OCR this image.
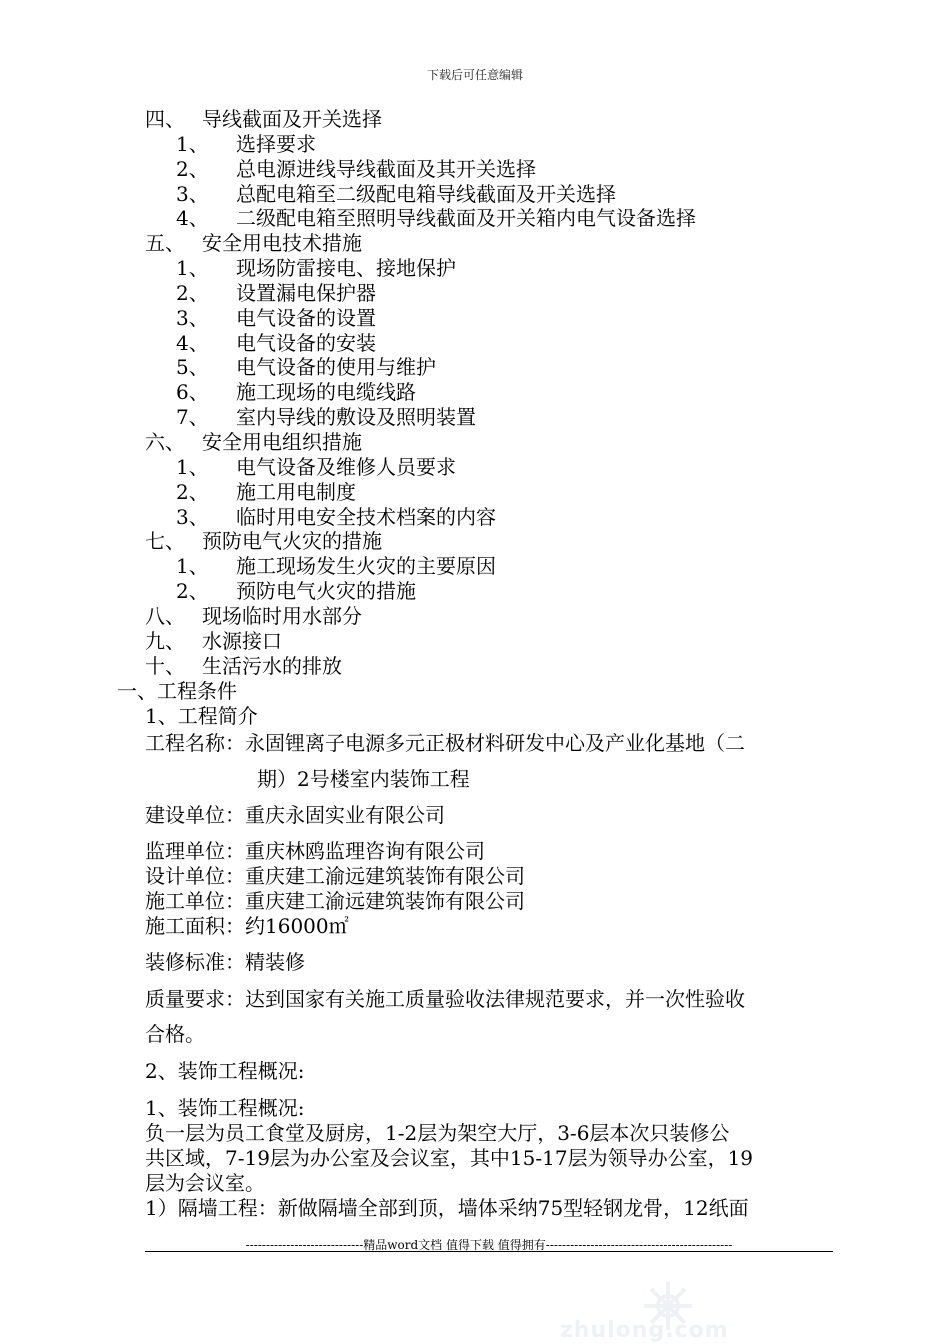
下载后可任意编辑
四、 导线截面及开关选择
1、 选择要求
2、 总电源进线导线截面及其开关选择
3、 总配电箱至二级配电箱导线截面及开关选择
4、 二级配电箱至照明导线截面及开关箱内电气设备选择
五、 安全用电技术措施
1、 现场防雷接电、接地保护
2、 设置漏电保护器
3、 电气设备的设置
4、 电气设备的安装
5、 电气设备的使用与维护
6、 施工现场的电缆线路
7、 室内导线的敷设及照明装置
六、 安全用电组织措施
1、 电气设备及维修人员要求
2、 施工用电制度
3、 临时用电安全技术档案的内容
七、 预防电气火灾的措施
1、 施工现场发生火灾的主要原因
2、 预防电气火灾的措施
八、 现场临时用水部分
九、 水源接口
十、 生活污水的排放
一、工程条件
1、工程简介
工程名称：永固锂离子电源多元正极材料研发中心及产业化基地（二
期）2号楼室内装饰工程
建设单位：重庆永固实业有限公司
监理单位：重庆林鸥监理咨询有限公司
设计单位：重庆建工渝远建筑装饰有限公司
施工单位：重庆建工渝远建筑装饰有限公司
施工面积：约16000㎡
装修标准：精装修
质量要求：达到国家有关施工质量验收法律规范要求，并一次性验收
合格。
2、装饰工程概况:
1、装饰工程概况:
负一层为员工食堂及厨房，1-2层为架空大厅，3-6层本次只装修公
共区域，7-19层为办公室及会议室，其中15-17层为领导办公室，19
层为会议室。
1）隔墙工程：新做隔墙全部到顶，墙体采纳75型轻钢龙骨，12纸面
-----------------------------精品word文档 值得下载 值得拥有----------------------------------------------
zhulong.com
